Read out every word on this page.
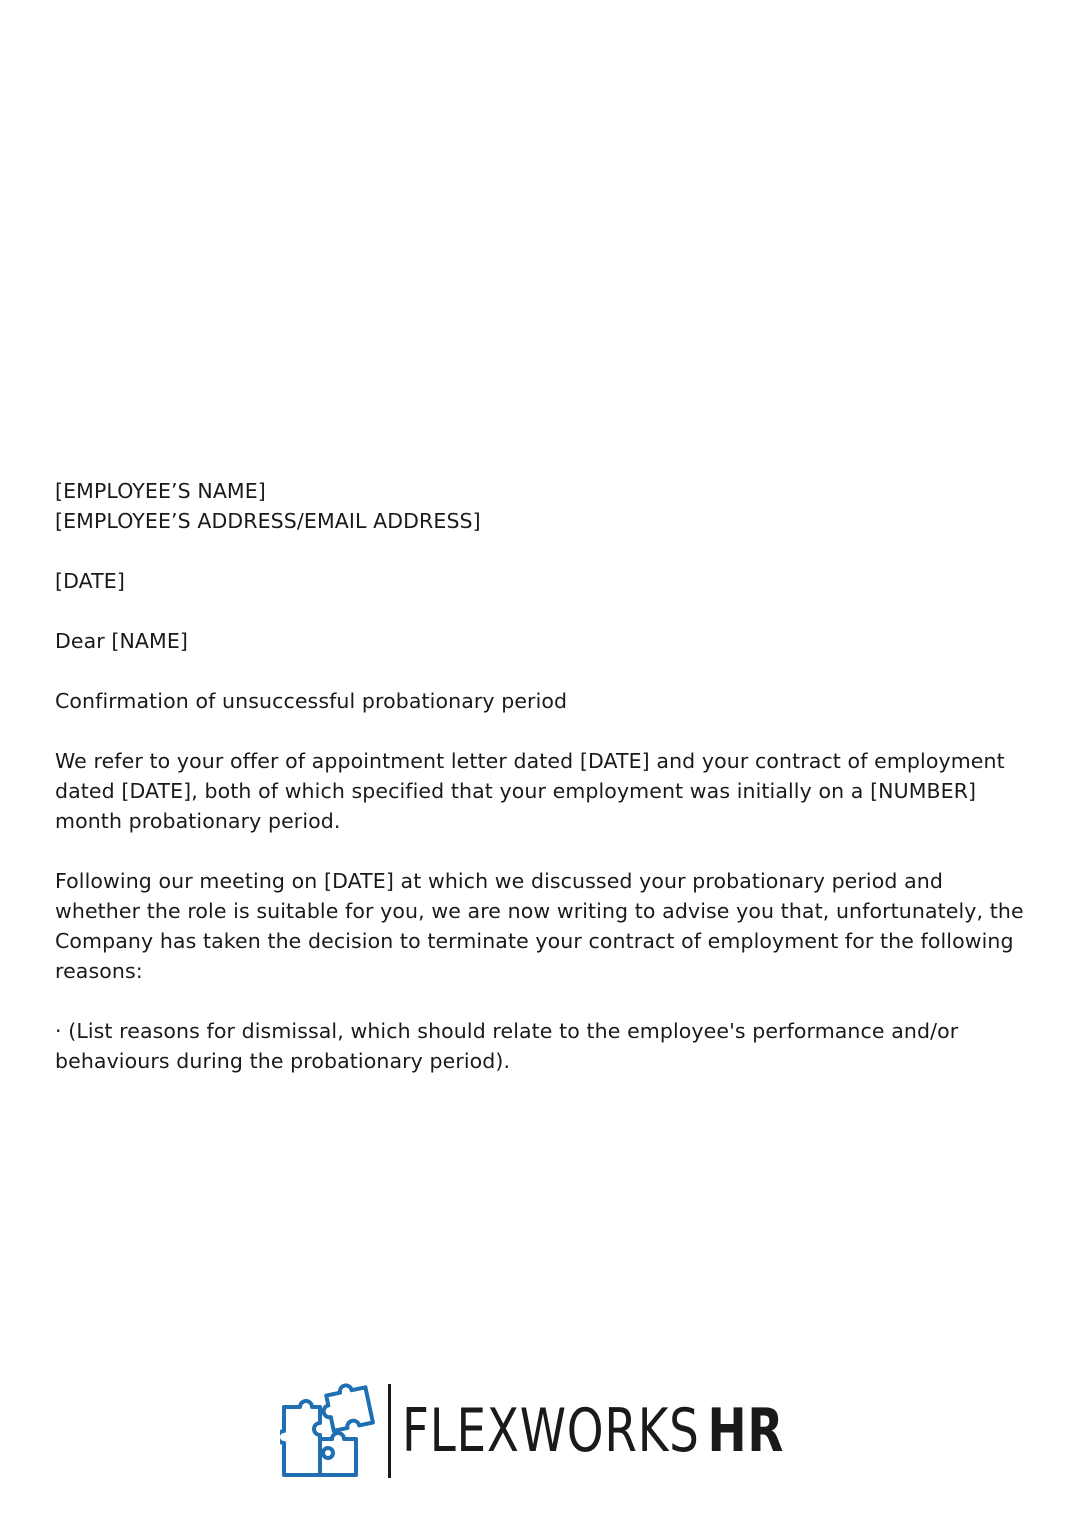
[EMPLOYEE’S NAME]

[EMPLOYEE’S ADDRESS/EMAIL ADDRESS]

[DATE]

Dear [NAME]

Confirmation of unsuccessful probationary period

We refer to your offer of appointment letter dated [DATE] and your contract of employment dated [DATE], both of which specified that your employment was initially on a [NUMBER] month probationary period.

Following our meeting on [DATE] at which we discussed your probationary period and whether the role is suitable for you, we are now writing to advise you that, unfortunately, the Company has taken the decision to terminate your contract of employment for the following reasons:

· (List reasons for dismissal, which should relate to the employee's performance and/or behaviours during the probationary period).

FLEXWORKS HR
